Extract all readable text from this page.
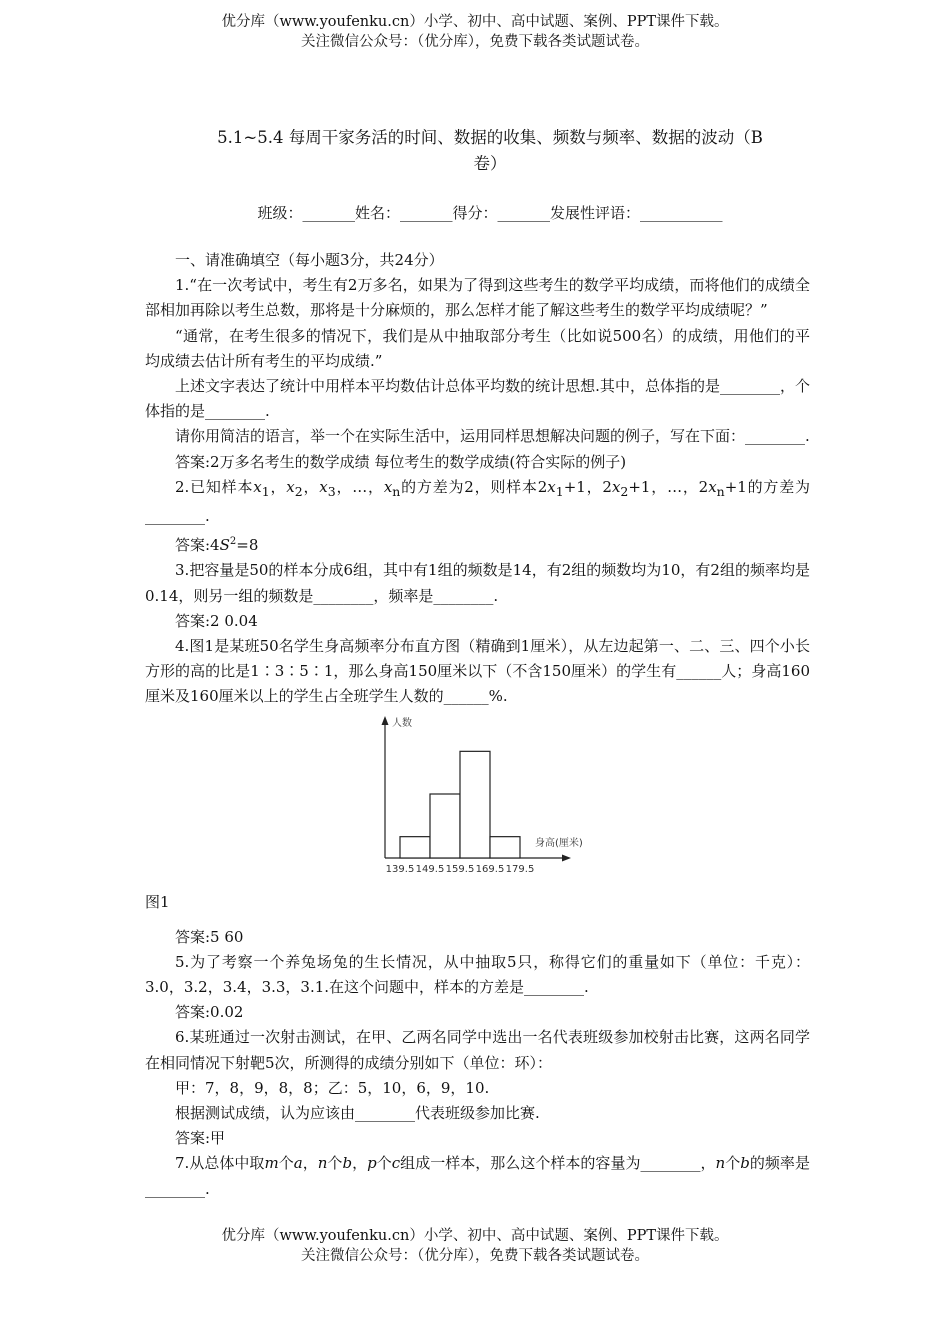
优分库（www.youfenku.cn）小学、初中、高中试题、案例、PPT课件下载。
关注微信公众号：（优分库），免费下载各类试题试卷。
5.1~5.4 每周干家务活的时间、数据的收集、频数与频率、数据的波动（B
卷）
班级：_______姓名：_______得分：_______发展性评语：___________

一、请准确填空（每小题3分，共24分）

1.“在一次考试中，考生有2万多名，如果为了得到这些考生的数学平均成绩，而将他们的成绩全部相加再除以考生总数，那将是十分麻烦的，那么怎样才能了解这些考生的数学平均成绩呢？”

“通常，在考生很多的情况下，我们是从中抽取部分考生（比如说500名）的成绩，用他们的平均成绩去估计所有考生的平均成绩.”

上述文字表达了统计中用样本平均数估计总体平均数的统计思想.其中，总体指的是________，个体指的是________.

请你用简洁的语言，举一个在实际生活中，运用同样思想解决问题的例子，写在下面：________.

答案:2万多名考生的数学成绩 每位考生的数学成绩(符合实际的例子)

2.已知样本$x_1$，$x_2$，$x_3$，…，$x_n$的方差为2，则样本$2x_1+1$，$2x_2+1$，…，$2x_n+1$的方差为________.

答案$:4S^2=8$

3.把容量是50的样本分成6组，其中有1组的频数是14，有2组的频数均为10，有2组的频率均是0.14，则另一组的频数是________，频率是________.

答案:2 0.04

4.图1是某班50名学生身高频率分布直方图（精确到1厘米），从左边起第一、二、三、四个小长方形的高的比是1∶3∶5∶1，那么身高150厘米以下（不含150厘米）的学生有______人；身高160厘米及160厘米以上的学生占全班学生人数的______%.

人数
身高(厘米)
139.5 149.5 159.5 169.5 179.5

图1

答案:5 60

5.为了考察一个养兔场兔的生长情况，从中抽取5只，称得它们的重量如下（单位：千克）：3.0，3.2，3.4，3.3，3.1.在这个问题中，样本的方差是________.

答案:0.02

6.某班通过一次射击测试，在甲、乙两名同学中选出一名代表班级参加校射击比赛，这两名同学在相同情况下射靶5次，所测得的成绩分别如下（单位：环）：

甲：7，8，9，8，8；乙：5，10，6，9，10.

根据测试成绩，认为应该由________代表班级参加比赛.

答案:甲

7.从总体中取m个a，n个b，p个c组成一样本，那么这个样本的容量为________，n个b的频率是________.

优分库（www.youfenku.cn）小学、初中、高中试题、案例、PPT课件下载。
关注微信公众号：（优分库），免费下载各类试题试卷。
